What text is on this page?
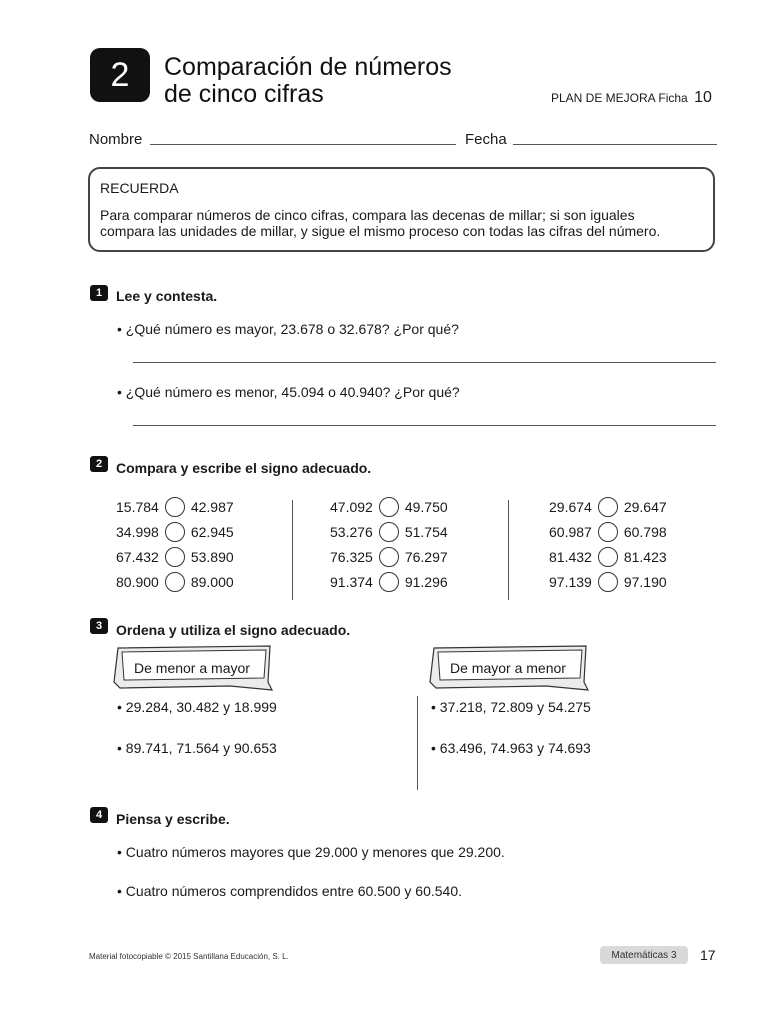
2 Comparación de números
de cinco cifras	PLAN DE MEJORA Ficha 10
Nombre	Fecha
RECUERDA
Para comparar números de cinco cifras, compara las decenas de millar; si son iguales
compara las unidades de millar, y sigue el mismo proceso con todas las cifras del número.
1 Lee y contesta.
• ¿Qué número es mayor, 23.678 o 32.678? ¿Por qué?
• ¿Qué número es menor, 45.094 o 40.940? ¿Por qué?
2 Compara y escribe el signo adecuado.
15.784 42.987
34.998 62.945
67.432 53.890
80.900 89.000
47.092 49.750
53.276 51.754
76.325 76.297
91.374 91.296
29.674 29.647
60.987 60.798
81.432 81.423
97.139 97.190
3 Ordena y utiliza el signo adecuado.
De menor a mayor	De mayor a menor
• 29.284, 30.482 y 18.999
• 89.741, 71.564 y 90.653
• 37.218, 72.809 y 54.275
• 63.496, 74.963 y 74.693
4 Piensa y escribe.
• Cuatro números mayores que 29.000 y menores que 29.200.
• Cuatro números comprendidos entre 60.500 y 60.540.
Material fotocopiable © 2015 Santillana Educación, S. L.	Matemáticas 3 17
